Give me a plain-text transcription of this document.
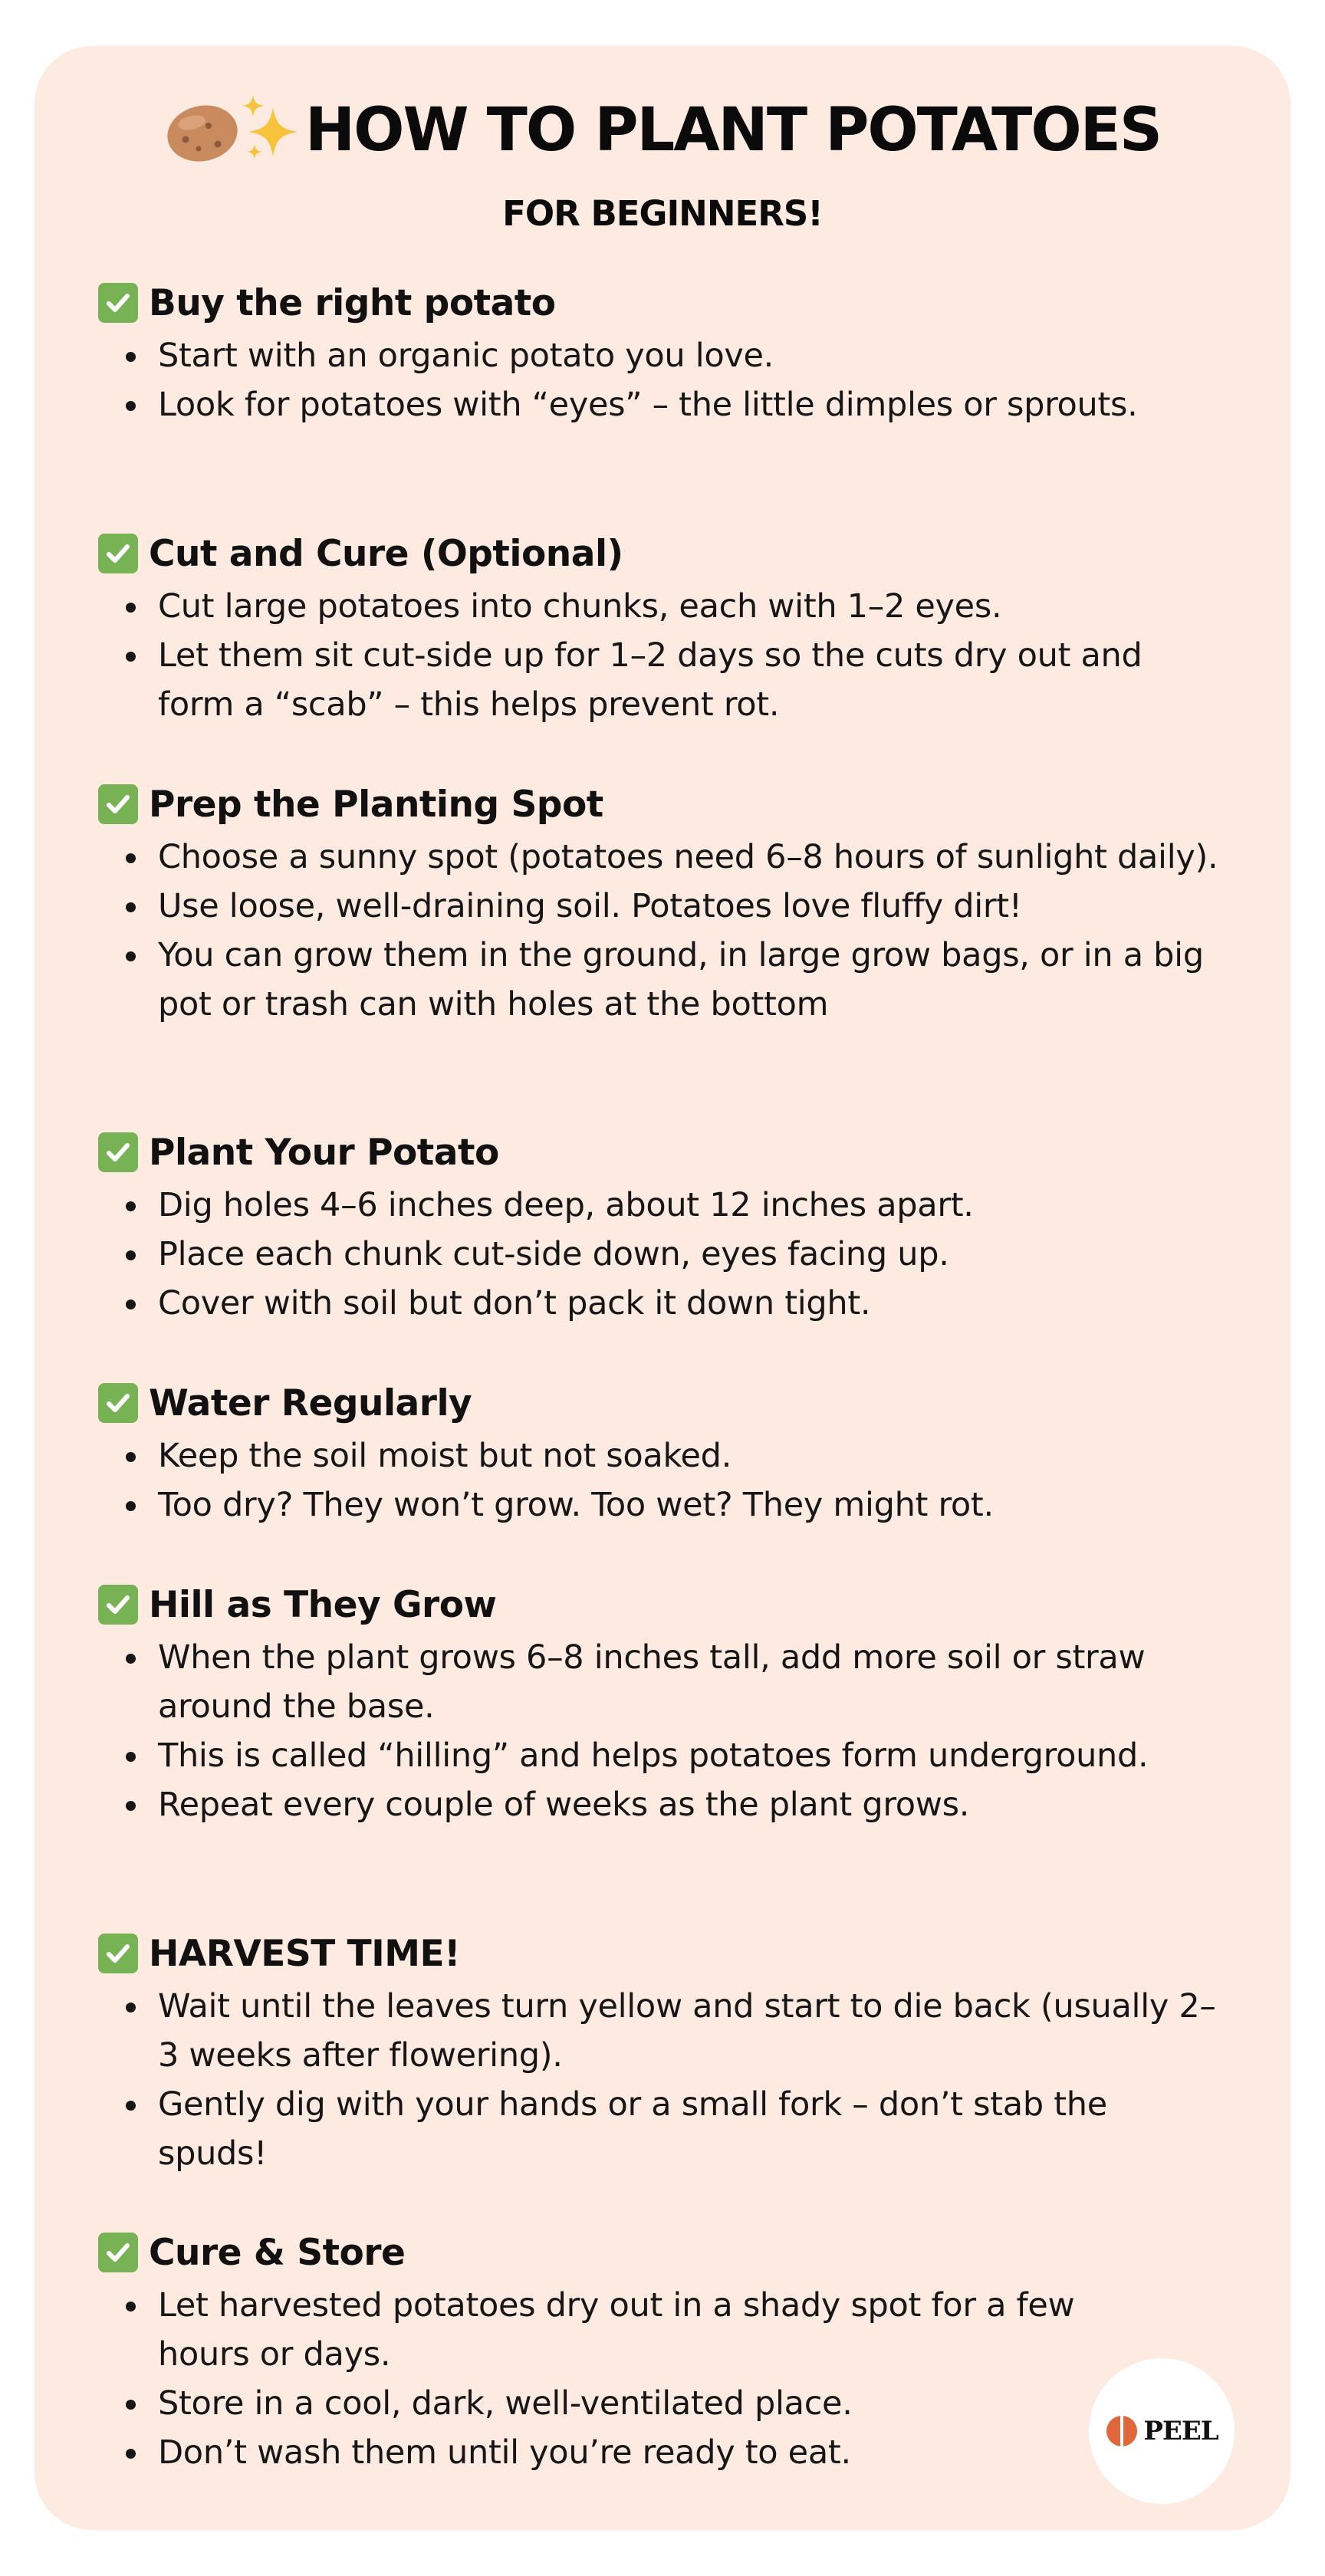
HOW TO PLANT POTATOES
FOR BEGINNERS!
Buy the right potato
Start with an organic potato you love.
Look for potatoes with “eyes” – the little dimples or sprouts.
Cut and Cure (Optional)
Cut large potatoes into chunks, each with 1–2 eyes.
Let them sit cut-side up for 1–2 days so the cuts dry out and form a “scab” – this helps prevent rot.
Prep the Planting Spot
Choose a sunny spot (potatoes need 6–8 hours of sunlight daily).
Use loose, well-draining soil. Potatoes love fluffy dirt!
You can grow them in the ground, in large grow bags, or in a big pot or trash can with holes at the bottom
Plant Your Potato
Dig holes 4–6 inches deep, about 12 inches apart.
Place each chunk cut-side down, eyes facing up.
Cover with soil but don’t pack it down tight.
Water Regularly
Keep the soil moist but not soaked.
Too dry? They won’t grow. Too wet? They might rot.
Hill as They Grow
When the plant grows 6–8 inches tall, add more soil or straw around the base.
This is called “hilling” and helps potatoes form underground.
Repeat every couple of weeks as the plant grows.
HARVEST TIME!
Wait until the leaves turn yellow and start to die back (usually 2–3 weeks after flowering).
Gently dig with your hands or a small fork – don’t stab the spuds!
Cure & Store
Let harvested potatoes dry out in a shady spot for a few hours or days.
Store in a cool, dark, well-ventilated place.
Don’t wash them until you’re ready to eat.
PEEL
